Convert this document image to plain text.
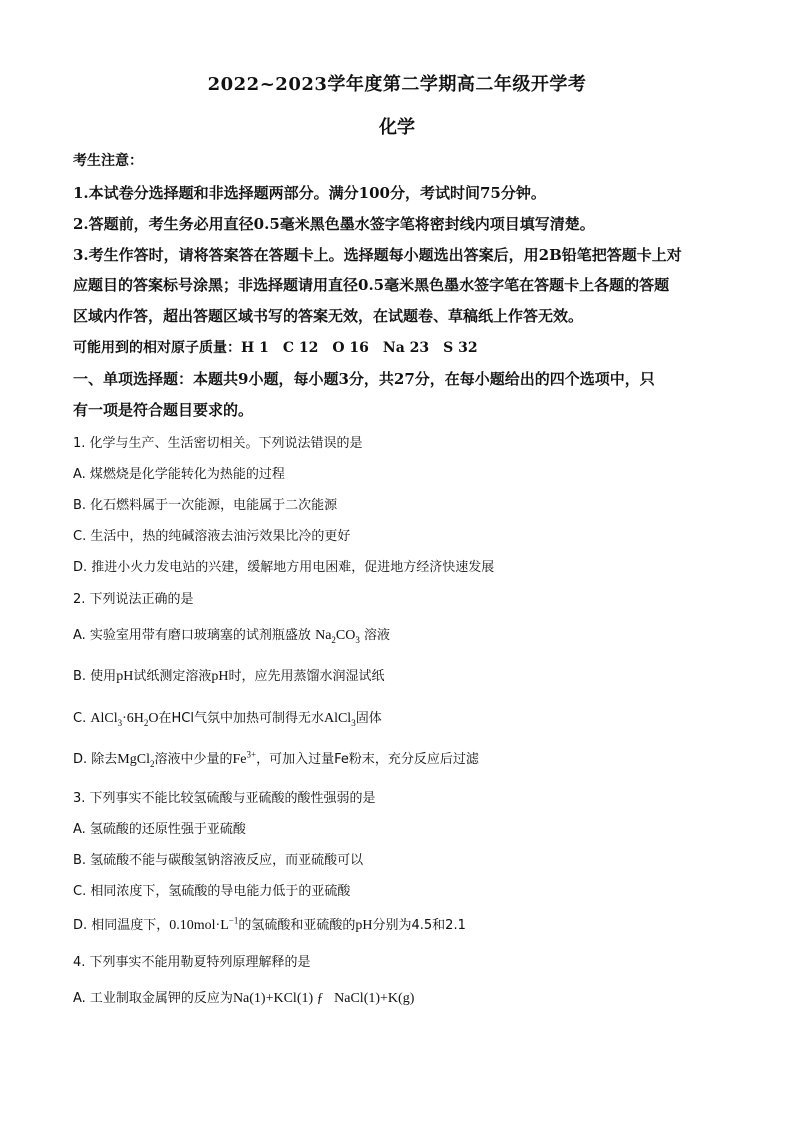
2022~2023学年度第二学期高二年级开学考
化学
考生注意：
1.本试卷分选择题和非选择题两部分。满分100分，考试时间75分钟。
2.答题前，考生务必用直径0.5毫米黑色墨水签字笔将密封线内项目填写清楚。
3.考生作答时，请将答案答在答题卡上。选择题每小题选出答案后，用2B铅笔把答题卡上对
应题目的答案标号涂黑；非选择题请用直径0.5毫米黑色墨水签字笔在答题卡上各题的答题
区域内作答，超出答题区域书写的答案无效，在试题卷、草稿纸上作答无效。
可能用到的相对原子质量：H 1　C 12　O 16　Na 23　S 32
一、单项选择题：本题共9小题，每小题3分，共27分，在每小题给出的四个选项中，只
有一项是符合题目要求的。
1. 化学与生产、生活密切相关。下列说法错误的是
A. 煤燃烧是化学能转化为热能的过程
B. 化石燃料属于一次能源，电能属于二次能源
C. 生活中，热的纯碱溶液去油污效果比冷的更好
D. 推进小火力发电站的兴建，缓解地方用电困难，促进地方经济快速发展
2. 下列说法正确的是
A. 实验室用带有磨口玻璃塞的试剂瓶盛放 $Na_2CO_3$ 溶液
B. 使用pH试纸测定溶液pH时，应先用蒸馏水润湿试纸
C. $AlCl_3\cdot 6H_2O$在HCl气氛中加热可制得无水AlCl$_3$固体
D. 除去MgCl$_2$溶液中少量的$Fe^{3+}$，可加入过量Fe粉末，充分反应后过滤
3. 下列事实不能比较氢硫酸与亚硫酸的酸性强弱的是
A. 氢硫酸的还原性强于亚硫酸
B. 氢硫酸不能与碳酸氢钠溶液反应，而亚硫酸可以
C. 相同浓度下，氢硫酸的导电能力低于的亚硫酸
D. 相同温度下，$0.10mol\cdot L^{-1}$的氢硫酸和亚硫酸的pH分别为4.5和2.1
4. 下列事实不能用勒夏特列原理解释的是
A. 工业制取金属钾的反应为Na(1)+KCl(1) ƒ   NaCl(1)+K(g)
